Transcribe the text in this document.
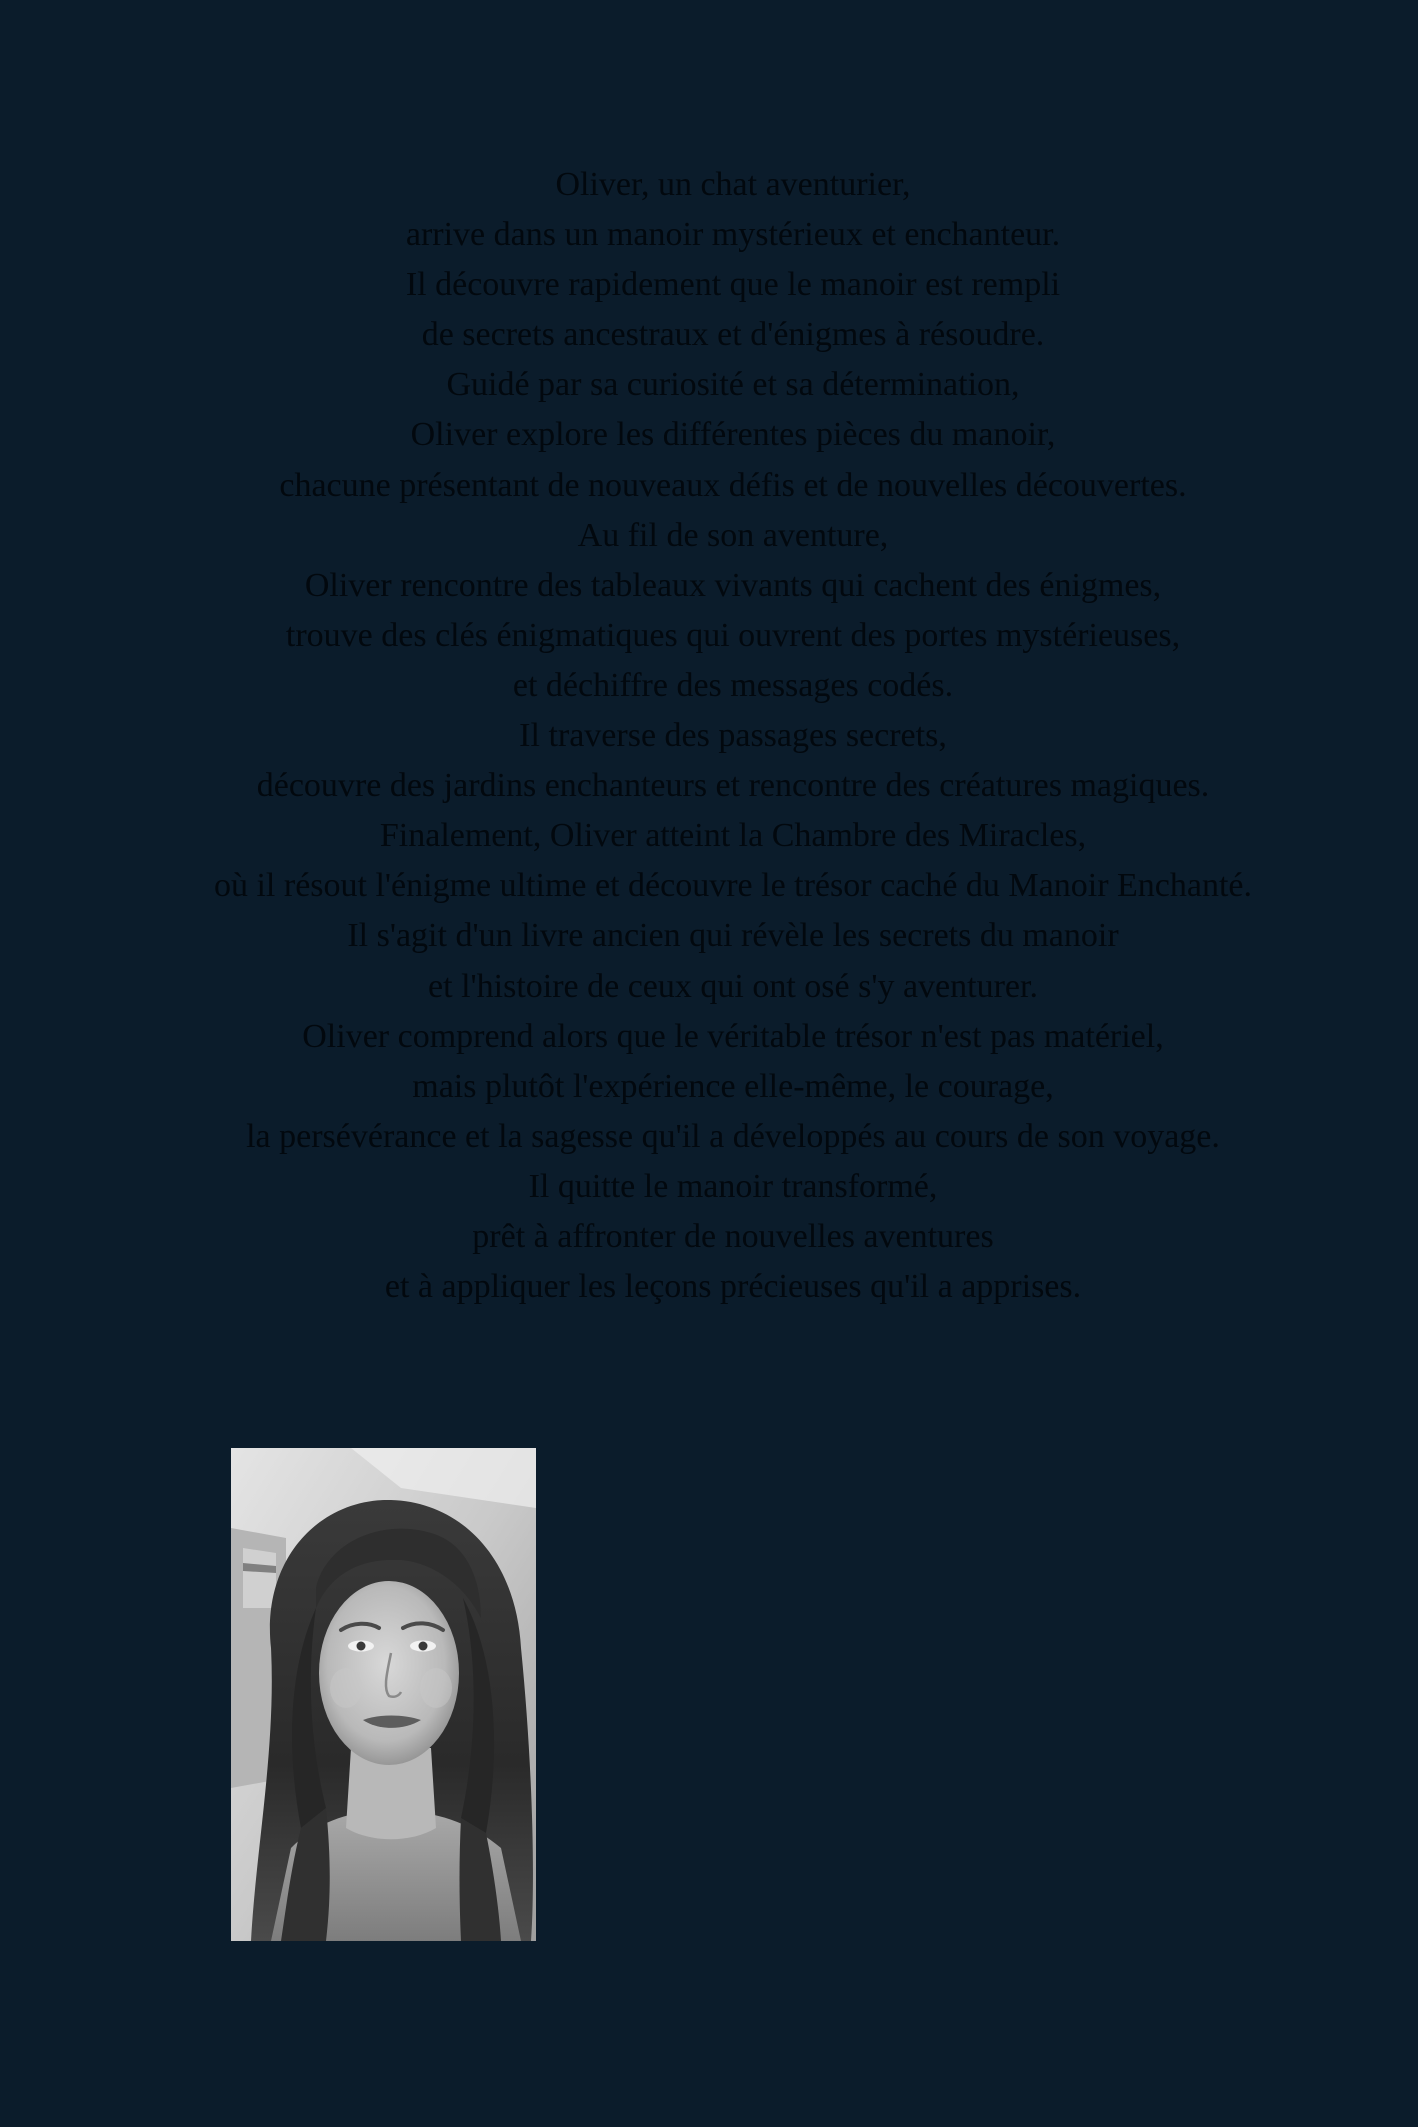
Oliver, un chat aventurier,
arrive dans un manoir mystérieux et enchanteur.
Il découvre rapidement que le manoir est rempli
de secrets ancestraux et d'énigmes à résoudre.
Guidé par sa curiosité et sa détermination,
Oliver explore les différentes pièces du manoir,
chacune présentant de nouveaux défis et de nouvelles découvertes.
Au fil de son aventure,
Oliver rencontre des tableaux vivants qui cachent des énigmes,
trouve des clés énigmatiques qui ouvrent des portes mystérieuses,
et déchiffre des messages codés.
Il traverse des passages secrets,
découvre des jardins enchanteurs et rencontre des créatures magiques.
Finalement, Oliver atteint la Chambre des Miracles,
où il résout l'énigme ultime et découvre le trésor caché du Manoir Enchanté.
Il s'agit d'un livre ancien qui révèle les secrets du manoir
et l'histoire de ceux qui ont osé s'y aventurer.
Oliver comprend alors que le véritable trésor n'est pas matériel,
mais plutôt l'expérience elle-même, le courage,
la persévérance et la sagesse qu'il a développés au cours de son voyage.
Il quitte le manoir transformé,
prêt à affronter de nouvelles aventures
et à appliquer les leçons précieuses qu'il a apprises.
